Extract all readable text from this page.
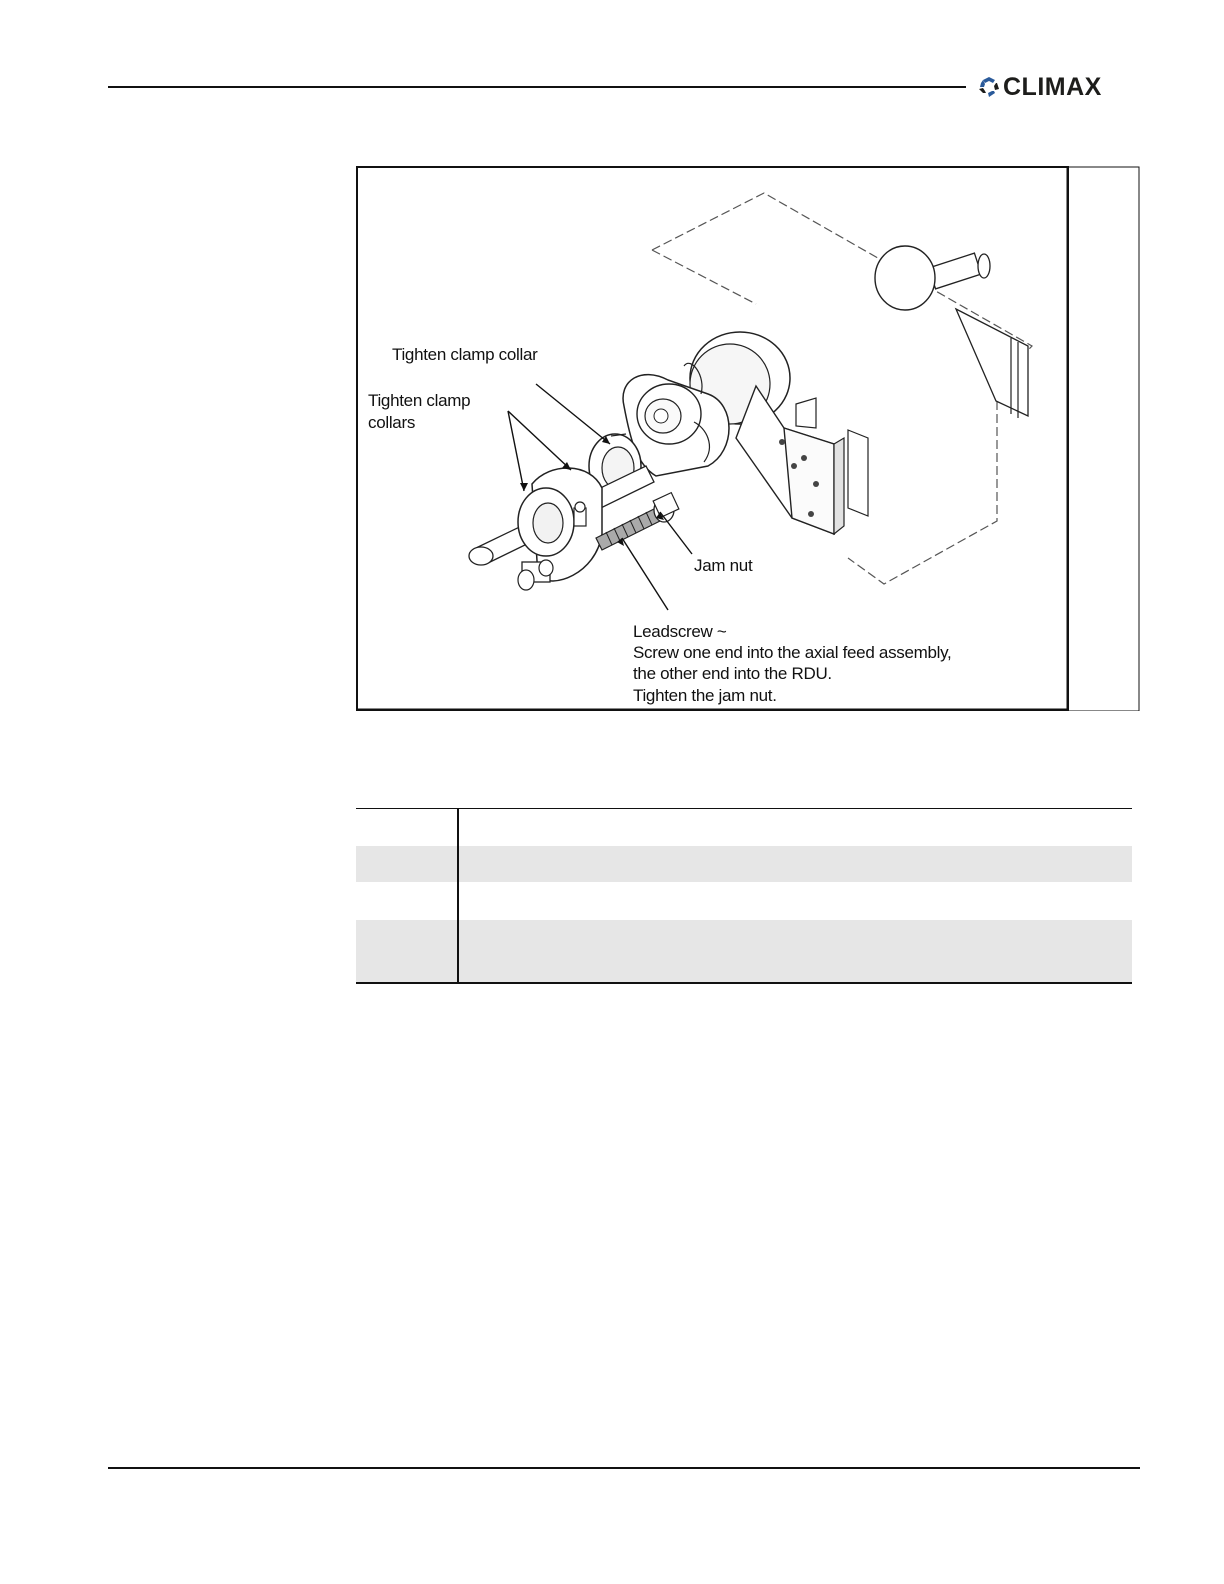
CLIMAX
Tighten clamp collar
Tighten clamp
collars
Jam nut
Leadscrew ~
Screw one end into the axial feed assembly,
the other end into the RDU.
Tighten the jam nut.
